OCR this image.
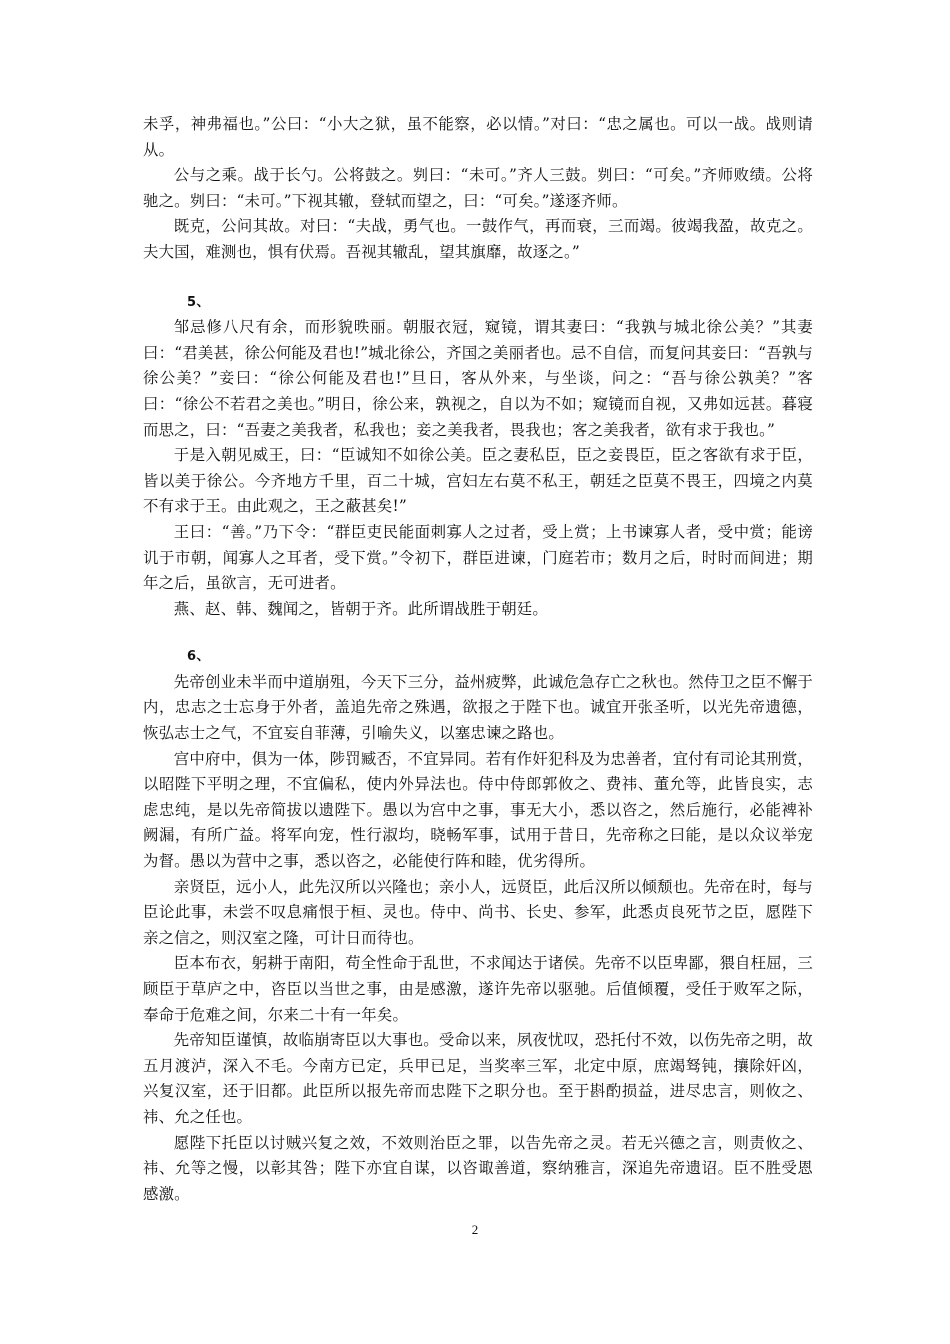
未孚，神弗福也。”公曰：“小大之狱，虽不能察，必以情。”对曰：“忠之属也。可以一战。战则请从。

公与之乘。战于长勺。公将鼓之。刿曰：“未可。”齐人三鼓。刿曰：“可矣。”齐师败绩。公将驰之。刿曰：“未可。”下视其辙，登轼而望之，曰：“可矣。”遂逐齐师。

既克，公问其故。对曰：“夫战，勇气也。一鼓作气，再而衰，三而竭。彼竭我盈，故克之。夫大国，难测也，惧有伏焉。吾视其辙乱，望其旗靡，故逐之。”

5、

邹忌修八尺有余，而形貌昳丽。朝服衣冠，窥镜，谓其妻曰：“我孰与城北徐公美？”其妻曰：“君美甚，徐公何能及君也!”城北徐公，齐国之美丽者也。忌不自信，而复问其妾曰：“吾孰与徐公美？”妾曰：“徐公何能及君也!”旦日，客从外来，与坐谈，问之：“吾与徐公孰美？”客曰：“徐公不若君之美也。”明日，徐公来，孰视之，自以为不如；窥镜而自视，又弗如远甚。暮寝而思之，曰：“吾妻之美我者，私我也；妾之美我者，畏我也；客之美我者，欲有求于我也。”

于是入朝见威王，曰：“臣诚知不如徐公美。臣之妻私臣，臣之妾畏臣，臣之客欲有求于臣，皆以美于徐公。今齐地方千里，百二十城，宫妇左右莫不私王，朝廷之臣莫不畏王，四境之内莫不有求于王。由此观之，王之蔽甚矣!”

王曰：“善。”乃下令：“群臣吏民能面刺寡人之过者，受上赏；上书谏寡人者，受中赏；能谤讥于市朝，闻寡人之耳者，受下赏。”令初下，群臣进谏，门庭若市；数月之后，时时而间进；期年之后，虽欲言，无可进者。

燕、赵、韩、魏闻之，皆朝于齐。此所谓战胜于朝廷。

6、

先帝创业未半而中道崩殂，今天下三分，益州疲弊，此诚危急存亡之秋也。然侍卫之臣不懈于内，忠志之士忘身于外者，盖追先帝之殊遇，欲报之于陛下也。诚宜开张圣听，以光先帝遗德，恢弘志士之气，不宜妄自菲薄，引喻失义，以塞忠谏之路也。

宫中府中，俱为一体，陟罚臧否，不宜异同。若有作奸犯科及为忠善者，宜付有司论其刑赏，以昭陛下平明之理，不宜偏私，使内外异法也。侍中侍郎郭攸之、费祎、董允等，此皆良实，志虑忠纯，是以先帝简拔以遗陛下。愚以为宫中之事，事无大小，悉以咨之，然后施行，必能裨补阙漏，有所广益。将军向宠，性行淑均，晓畅军事，试用于昔日，先帝称之曰能，是以众议举宠为督。愚以为营中之事，悉以咨之，必能使行阵和睦，优劣得所。

亲贤臣，远小人，此先汉所以兴隆也；亲小人，远贤臣，此后汉所以倾颓也。先帝在时，每与臣论此事，未尝不叹息痛恨于桓、灵也。侍中、尚书、长史、参军，此悉贞良死节之臣，愿陛下亲之信之，则汉室之隆，可计日而待也。

臣本布衣，躬耕于南阳，苟全性命于乱世，不求闻达于诸侯。先帝不以臣卑鄙，猥自枉屈，三顾臣于草庐之中，咨臣以当世之事，由是感激，遂许先帝以驱驰。后值倾覆，受任于败军之际，奉命于危难之间，尔来二十有一年矣。

先帝知臣谨慎，故临崩寄臣以大事也。受命以来，夙夜忧叹，恐托付不效，以伤先帝之明，故五月渡泸，深入不毛。今南方已定，兵甲已足，当奖率三军，北定中原，庶竭驽钝，攘除奸凶，兴复汉室，还于旧都。此臣所以报先帝而忠陛下之职分也。至于斟酌损益，进尽忠言，则攸之、祎、允之任也。

愿陛下托臣以讨贼兴复之效，不效则治臣之罪，以告先帝之灵。若无兴德之言，则责攸之、祎、允等之慢，以彰其咎；陛下亦宜自谋，以咨诹善道，察纳雅言，深追先帝遗诏。臣不胜受恩感激。

2
